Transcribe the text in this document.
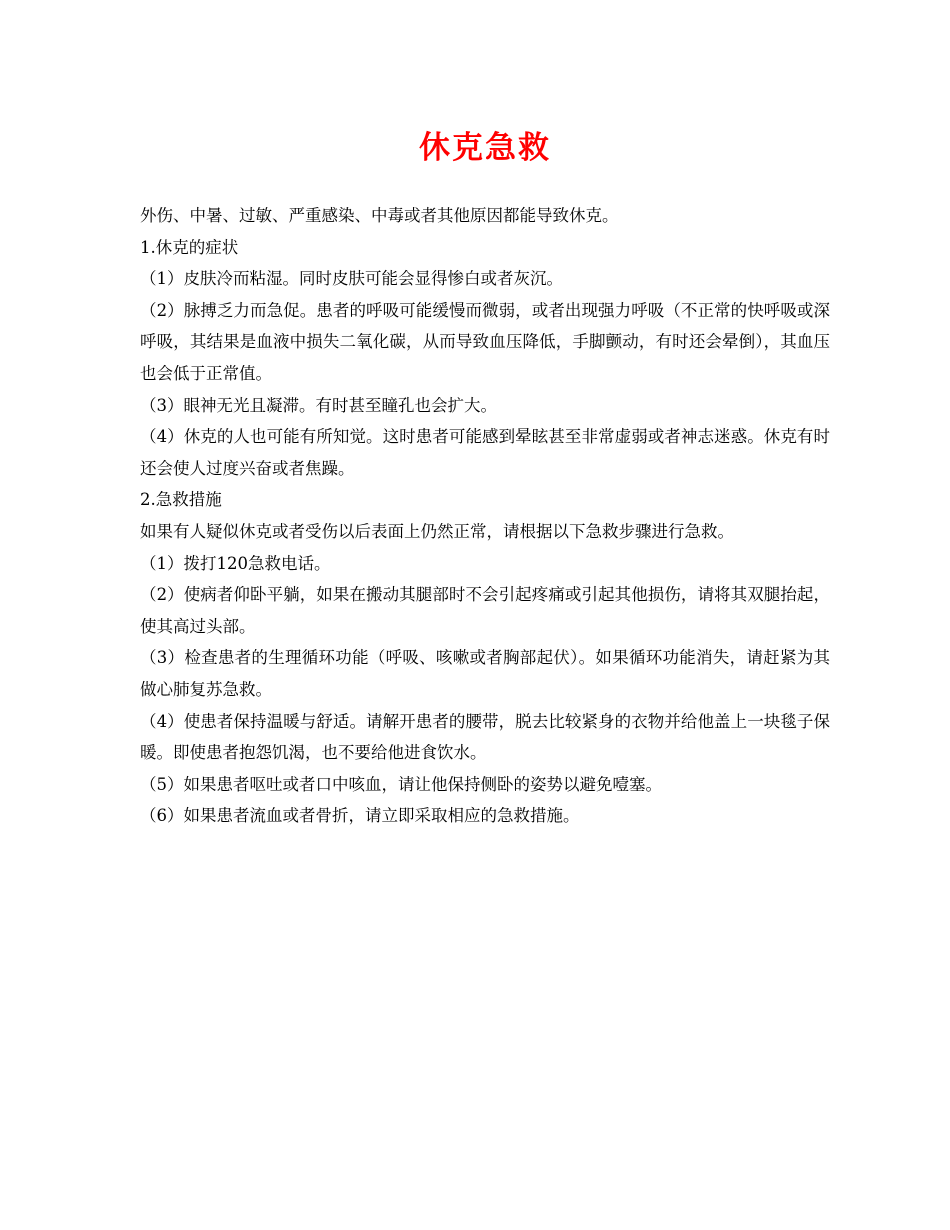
休克急救

外伤、中暑、过敏、严重感染、中毒或者其他原因都能导致休克。

1.休克的症状

（1）皮肤冷而粘湿。同时皮肤可能会显得惨白或者灰沉。

（2）脉搏乏力而急促。患者的呼吸可能缓慢而微弱，或者出现强力呼吸（不正常的快呼吸或深呼吸，其结果是血液中损失二氧化碳，从而导致血压降低，手脚颤动，有时还会晕倒），其血压也会低于正常值。

（3）眼神无光且凝滞。有时甚至瞳孔也会扩大。

（4）休克的人也可能有所知觉。这时患者可能感到晕眩甚至非常虚弱或者神志迷惑。休克有时还会使人过度兴奋或者焦躁。

2.急救措施

如果有人疑似休克或者受伤以后表面上仍然正常，请根据以下急救步骤进行急救。

（1）拨打120急救电话。

（2）使病者仰卧平躺，如果在搬动其腿部时不会引起疼痛或引起其他损伤，请将其双腿抬起，使其高过头部。

（3）检查患者的生理循环功能（呼吸、咳嗽或者胸部起伏）。如果循环功能消失，请赶紧为其做心肺复苏急救。

（4）使患者保持温暖与舒适。请解开患者的腰带，脱去比较紧身的衣物并给他盖上一块毯子保暖。即使患者抱怨饥渴，也不要给他进食饮水。

（5）如果患者呕吐或者口中咳血，请让他保持侧卧的姿势以避免噎塞。

（6）如果患者流血或者骨折，请立即采取相应的急救措施。
